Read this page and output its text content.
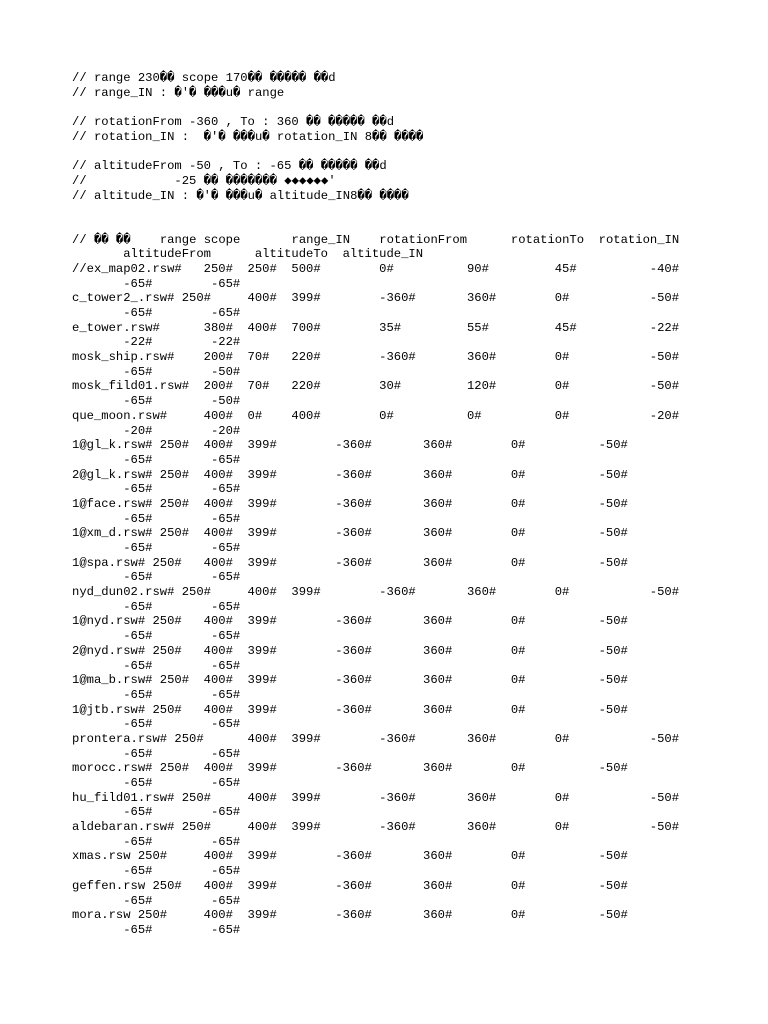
// range 230�� scope 170�� ����� ��d
// range_IN : �'� ���u� range
// rotationFrom -360 , To : 360 �� ����� ��d
// rotation_IN :  �'� ���u� rotation_IN 8�� ����
// altitudeFrom -50 , To : -65 �� ����� ��d
//            -25 �� ������� ◆◆◆◆◆◆'
// altitude_IN : �'� ���u� altitude_IN8�� ����
// �� ��    range scope       range_IN    rotationFrom      rotationTo  rotation_IN
altitudeFrom      altitudeTo  altitude_IN
//ex_map02.rsw#   250#  250#  500#        0#          90#         45#          -40#
-65#        -65#
c_tower2_.rsw# 250#     400#  399#        -360#       360#        0#           -50#
-65#        -65#
e_tower.rsw#      380#  400#  700#        35#         55#         45#          -22#
-22#        -22#
mosk_ship.rsw#    200#  70#   220#        -360#       360#        0#           -50#
-65#        -50#
mosk_fild01.rsw#  200#  70#   220#        30#         120#        0#           -50#
-65#        -50#
que_moon.rsw#     400#  0#    400#        0#          0#          0#           -20#
-20#        -20#
1@gl_k.rsw# 250#  400#  399#        -360#       360#        0#          -50#
-65#        -65#
2@gl_k.rsw# 250#  400#  399#        -360#       360#        0#          -50#
-65#        -65#
1@face.rsw# 250#  400#  399#        -360#       360#        0#          -50#
-65#        -65#
1@xm_d.rsw# 250#  400#  399#        -360#       360#        0#          -50#
-65#        -65#
1@spa.rsw# 250#   400#  399#        -360#       360#        0#          -50#
-65#        -65#
nyd_dun02.rsw# 250#     400#  399#        -360#       360#        0#           -50#
-65#        -65#
1@nyd.rsw# 250#   400#  399#        -360#       360#        0#          -50#
-65#        -65#
2@nyd.rsw# 250#   400#  399#        -360#       360#        0#          -50#
-65#        -65#
1@ma_b.rsw# 250#  400#  399#        -360#       360#        0#          -50#
-65#        -65#
1@jtb.rsw# 250#   400#  399#        -360#       360#        0#          -50#
-65#        -65#
prontera.rsw# 250#      400#  399#        -360#       360#        0#           -50#
-65#        -65#
morocc.rsw# 250#  400#  399#        -360#       360#        0#          -50#
-65#        -65#
hu_fild01.rsw# 250#     400#  399#        -360#       360#        0#           -50#
-65#        -65#
aldebaran.rsw# 250#     400#  399#        -360#       360#        0#           -50#
-65#        -65#
xmas.rsw 250#     400#  399#        -360#       360#        0#          -50#
-65#        -65#
geffen.rsw 250#   400#  399#        -360#       360#        0#          -50#
-65#        -65#
mora.rsw 250#     400#  399#        -360#       360#        0#          -50#
-65#        -65#
